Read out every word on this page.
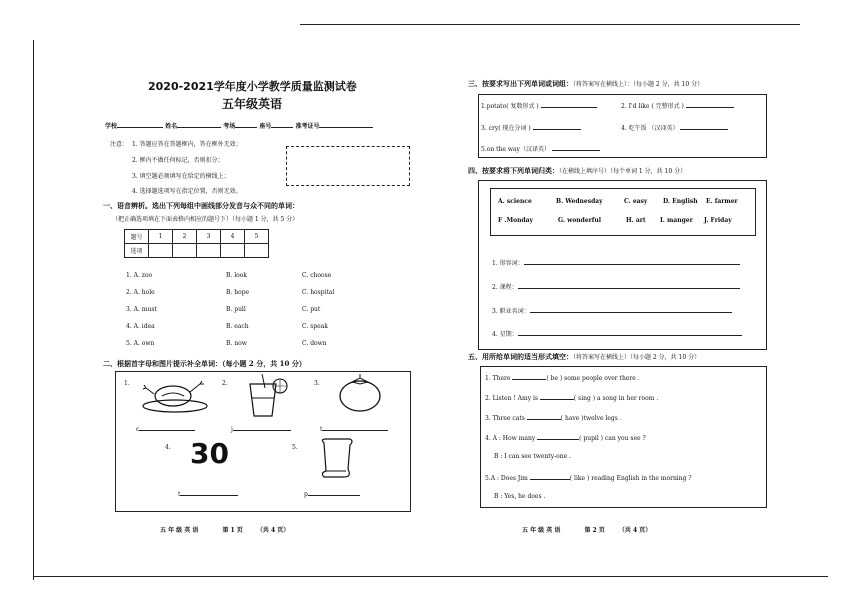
2020-2021学年度小学教学质量监测试卷
五年级英语
学校	姓名	考场	座号	准考证号
注意： 1. 答题应答在答题框内，答在框外无效；
2. 框内不做任何标记，否则扣分；
3. 填空题必须填写在给定的横线上；
4. 选择题选项写在指定位置，否则无效。
一、语音辨析。选出下列每组中画线部分发音与众不同的单词：
（把正确选项填在下面表格内相应的题号下）（每小题 1 分，共 5 分）
题号	1	2	3	4	5
选项					
1. A. zoo	B. look	C. choose
2. A. hole	B. hope	C. hospital
3. A. must	B. pull	C. put
4. A. idea	B. each	C. speak
5. A. own	B. now	C. down
二、根据首字母和图片提示补全单词：（每小题 2 分，共 10 分）
1.	2.	3.
4.	5.
c	j	t
30
t	p
五 年 级 英 语	第 1 页 （共 4 页）
三、按要求写出下列单词或词组：（将答案写在横线上）：（每小题 2 分，共 10 分）
1.potato( 复数形式 )	2. I'd like ( 完整形式 )
3. cry( 现在分词 )	4. 吃午饭 （汉译英）
5.on the way（汉译英）
四、按要求将下列单词归类：（在横线上填序号）（每个单词 1 分，共 10 分）
A. science	B. Wednesday	C. easy	D. English E. farmer
F .Monday	G. wonderful	H. art I. manger J. Friday
1. 形容词：
2. 课程：
3. 职业名词：
4. 星期：
五、用所给单词的适当形式填空：（将答案写在横线上）（每小题 2 分，共 10 分）
1. There	( be ) some people over there .
2. Listen ! Amy is	( sing ) a song in her room .
3. Three cats	( have )twelve legs .
4. A : How many	( pupil ) can you see ?
B : I can see twenty-one .
5.A : Does Jim	( like ) reading English in the morning ?
B : Yes, he does .
五 年 级 英 语	第 2 页 （共 4 页）
